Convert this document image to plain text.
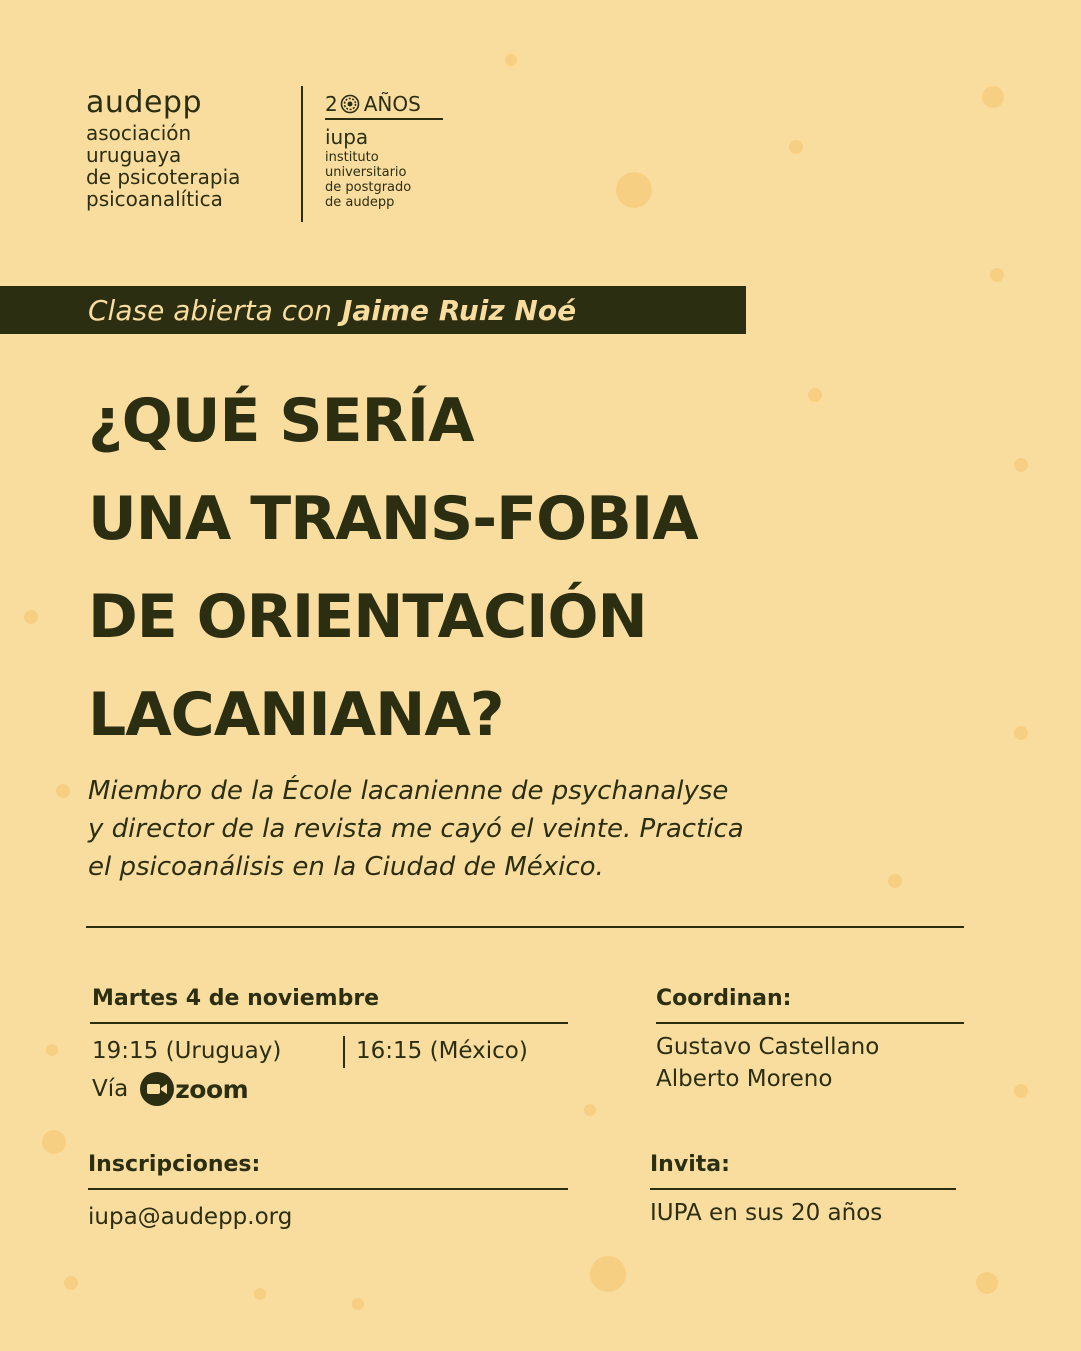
audepp
asociación
uruguaya
de psicoterapia
psicoanalítica
2 AÑOS
iupa
instituto
universitario
de postgrado
de audepp
Clase abierta con Jaime Ruiz Noé
¿QUÉ SERÍA
UNA TRANS-FOBIA
DE ORIENTACIÓN
LACANIANA?
Miembro de la École lacanienne de psychanalyse
y director de la revista me cayó el veinte. Practica
el psicoanálisis en la Ciudad de México.
Martes 4 de noviembre
19:15 (Uruguay)	16:15 (México)
Vía zoom
Coordinan:
Gustavo Castellano
Alberto Moreno
Inscripciones:
iupa@audepp.org
Invita:
IUPA en sus 20 años
